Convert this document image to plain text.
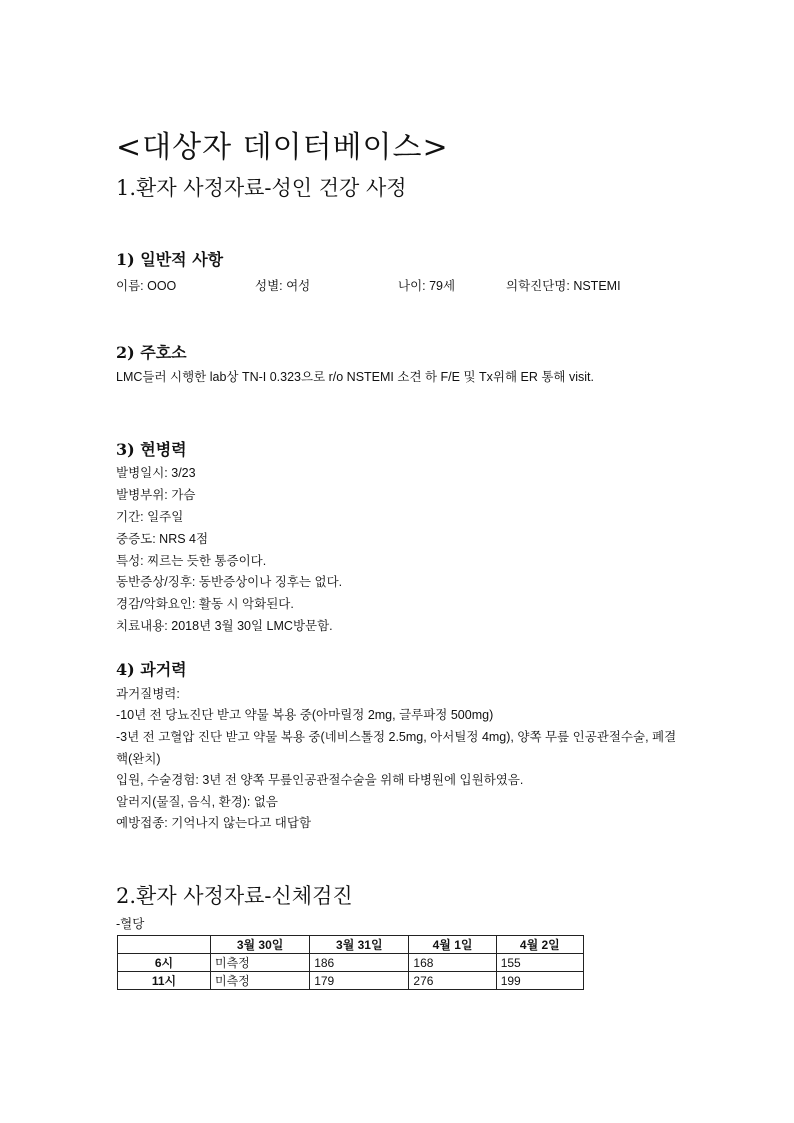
<대상자 데이터베이스>
1.환자 사정자료-성인 건강 사정
1) 일반적 사항
이름: OOO	성별: 여성	나이: 79세	의학진단명: NSTEMI
2) 주호소
LMC들러 시행한 lab상 TN-I 0.323으로 r/o NSTEMI 소견 하 F/E 및 Tx위해 ER 통해 visit.
3) 현병력
발병일시: 3/23
발병부위: 가슴
기간: 일주일
중증도: NRS 4점
특성: 찌르는 듯한 통증이다.
동반증상/징후: 동반증상이나 징후는 없다.
경감/악화요인: 활동 시 악화된다.
치료내용: 2018년 3월 30일 LMC방문함.
4) 과거력
과거질병력:
-10년 전 당뇨진단 받고 약물 복용 중(아마릴정 2mg, 글루파정 500mg)
-3년 전 고혈압 진단 받고 약물 복용 중(네비스톨정 2.5mg, 아서틸정 4mg), 양쪽 무릎 인공관절수술, 폐결핵(완치)
입원, 수술경험: 3년 전 양쪽 무릎인공관절수술을 위해 타병원에 입원하였음.
알러지(물질, 음식, 환경): 없음
예방접종: 기억나지 않는다고 대답함
2.환자 사정자료-신체검진
-혈당
	3월 30일	3월 31일	4월 1일	4월 2일
6시	미측정	186	168	155
11시	미측정	179	276	199
